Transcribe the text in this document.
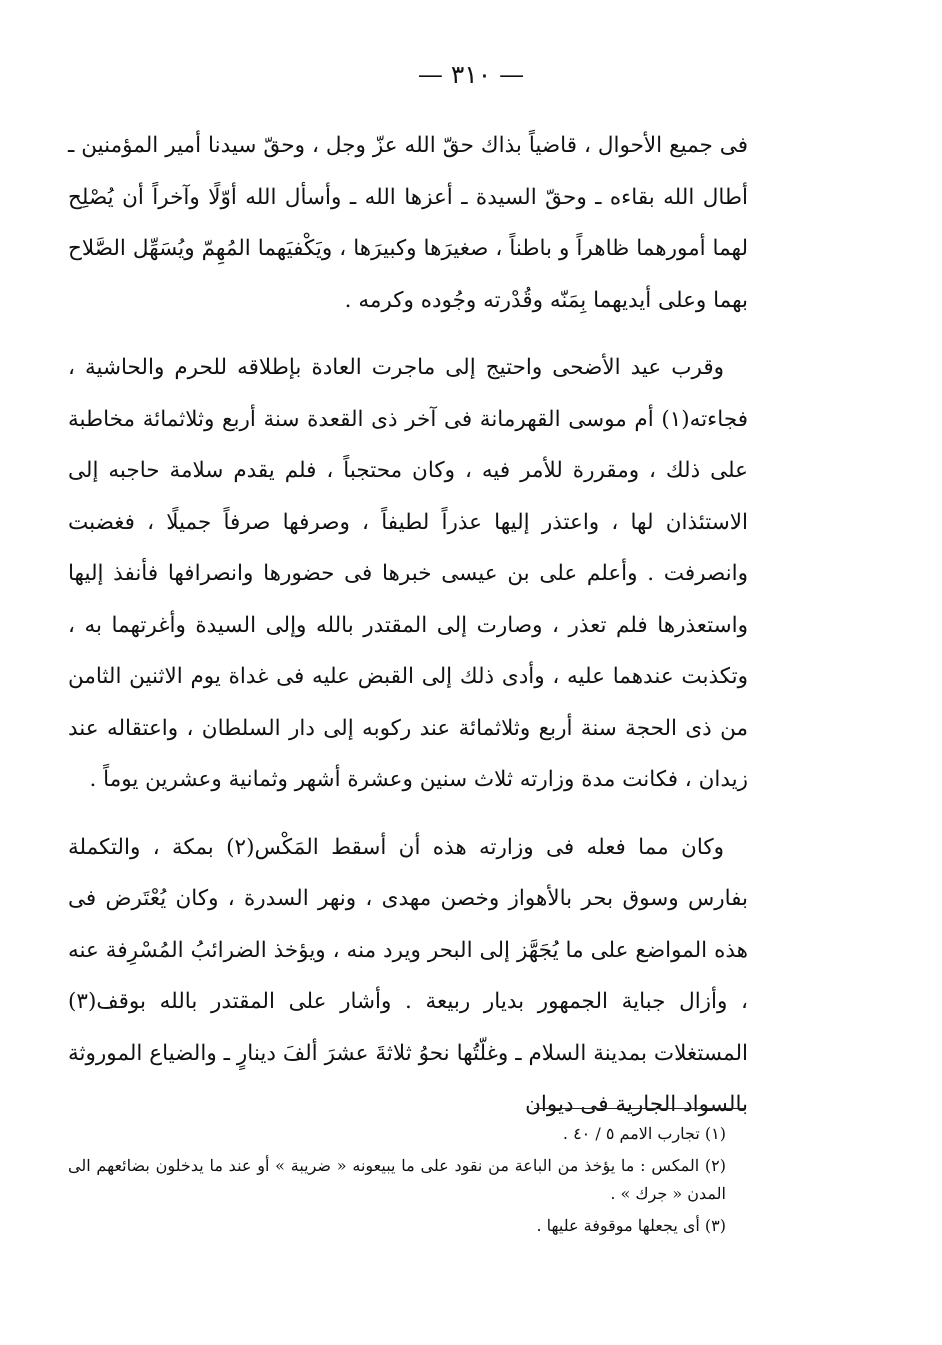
— ٣١٠ —

فى جميع الأحوال ، قاضياً بذاك حقّ الله عزّ وجل ، وحقّ سيدنا أمير المؤمنين ـ أطال الله بقاءه ـ وحقّ السيدة ـ أعزها الله ـ وأسأل الله أوّلًا وآخراً أن يُصْلِح لهما أمورهما ظاهراً و باطناً ، صغيرَها وكبيرَها ، ويَكْفيَهما المُهِمّ ويُسَهِّل الصَّلاح بهما وعلى أيديهما بِمَنّه وقُدْرته وجُوده وكرمه .

وقرب عيد الأضحى واحتيج إلى ماجرت العادة بإطلاقه للحرم والحاشية ، فجاءته(١) أم موسى القهرمانة فى آخر ذى القعدة سنة أربع وثلاثمائة مخاطبة على ذلك ، ومقررة للأمر فيه ، وكان محتجباً ، فلم يقدم سلامة حاجبه إلى الاستئذان لها ، واعتذر إليها عذراً لطيفاً ، وصرفها صرفاً جميلًا ، فغضبت وانصرفت . وأعلم على بن عيسى خبرها فى حضورها وانصرافها فأنفذ إليها واستعذرها فلم تعذر ، وصارت إلى المقتدر بالله وإلى السيدة وأغرتهما به ، وتكذبت عندهما عليه ، وأدى ذلك إلى القبض عليه فى غداة يوم الاثنين الثامن من ذى الحجة سنة أربع وثلاثمائة عند ركوبه إلى دار السلطان ، واعتقاله عند زيدان ، فكانت مدة وزارته ثلاث سنين وعشرة أشهر وثمانية وعشرين يوماً .

وكان مما فعله فى وزارته هذه أن أسقط المَكْس(٢) بمكة ، والتكملة بفارس وسوق بحر بالأهواز وخصن مهدى ، ونهر السدرة ، وكان يُعْتَرض فى هذه المواضع على ما يُجَهَّز إلى البحر ويرد منه ، ويؤخذ الضرائبُ المُسْرِفة عنه ، وأزال جباية الجمهور بديار ربيعة . وأشار على المقتدر بالله بوقف(٣) المستغلات بمدينة السلام ـ وغلّتُها نحوُ ثلاثةَ عشرَ ألفَ دينارٍ ـ والضياع الموروثة بالسواد الجارية فى ديوان

(١) تجارب الامم ٥ / ٤٠ .

(٢) المكس : ما يؤخذ من الباعة من نقود على ما يبيعونه « ضريبة » أو عند ما يدخلون بضائعهم الى المدن « جرك » .

(٣) أى يجعلها موقوفة عليها .
